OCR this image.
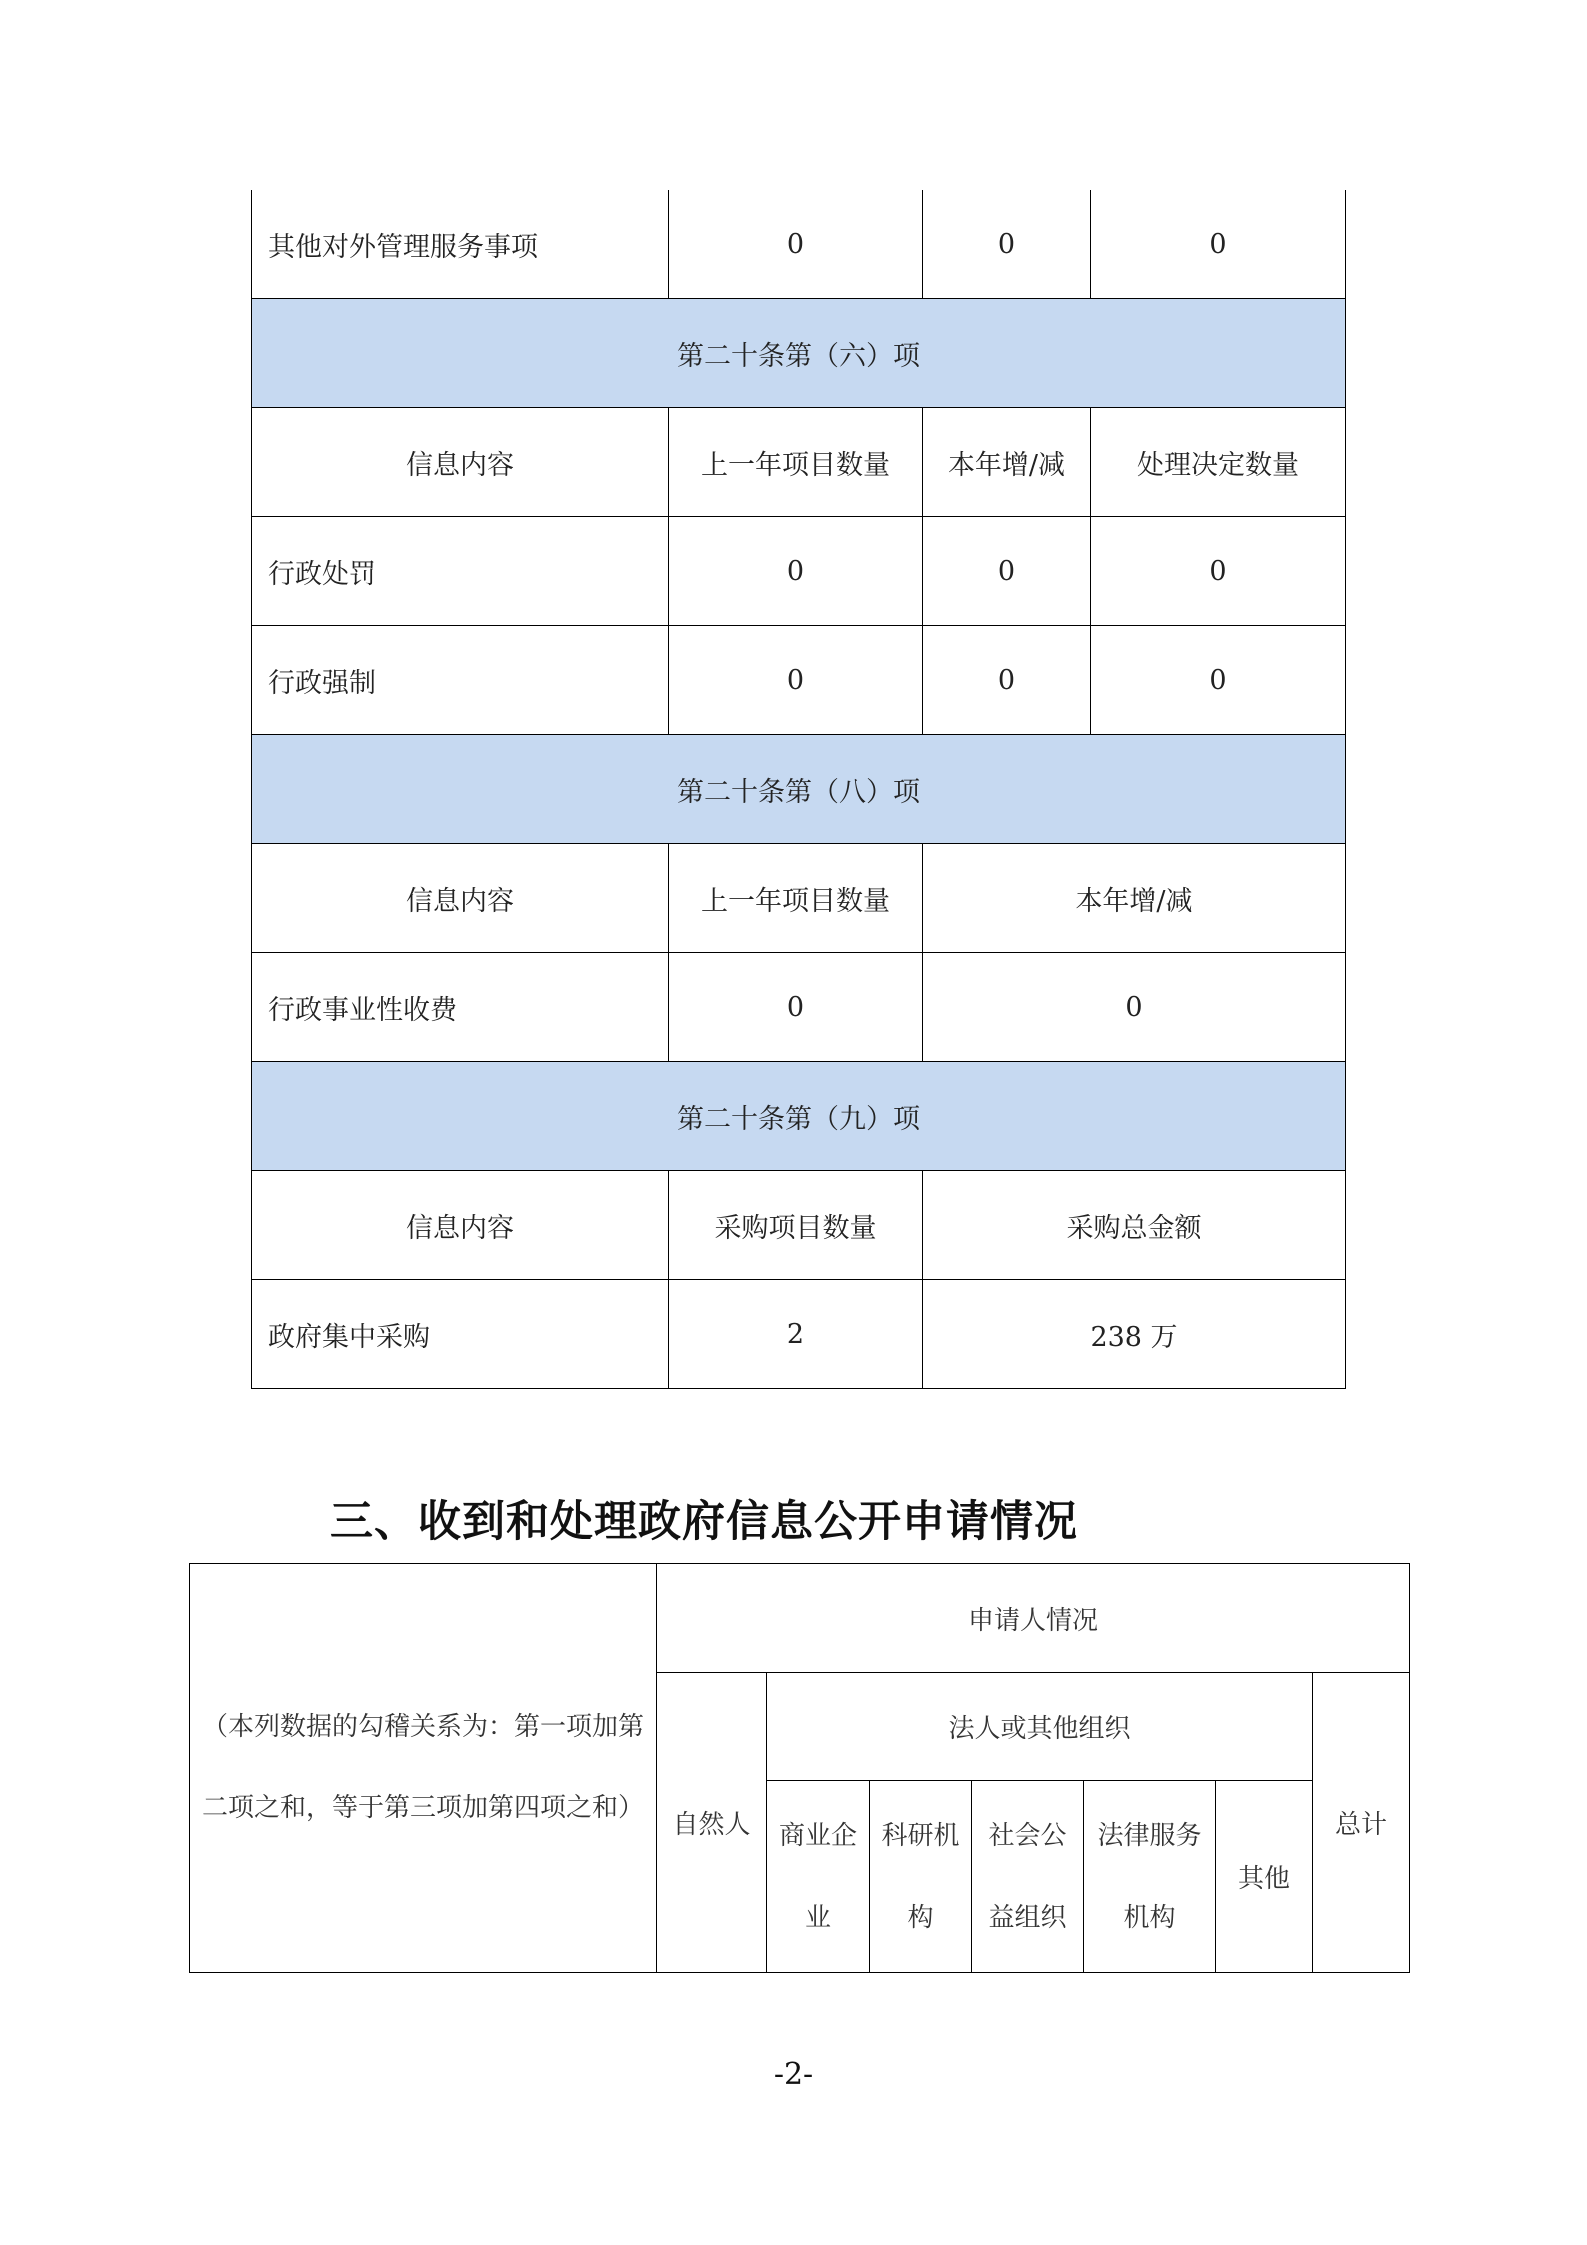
其他对外管理服务事项	0	0	0
第二十条第（六）项			
信息内容	上一年项目数量	本年增/减	处理决定数量
行政处罚	0	0	0
行政强制	0	0	0
第二十条第（八）项			
信息内容	上一年项目数量	本年增/减	
行政事业性收费	0	0	
第二十条第（九）项			
信息内容	采购项目数量	采购总金额	
政府集中采购	2	238 万	
三、收到和处理政府信息公开申请情况
（本列数据的勾稽关系为：第一项加第二项之和，等于第三项加第四项之和）	申请人情况						
	自然人	法人或其他组织					总计
		商业企业	科研机构	社会公益组织	法律服务机构	其他	

-2-
